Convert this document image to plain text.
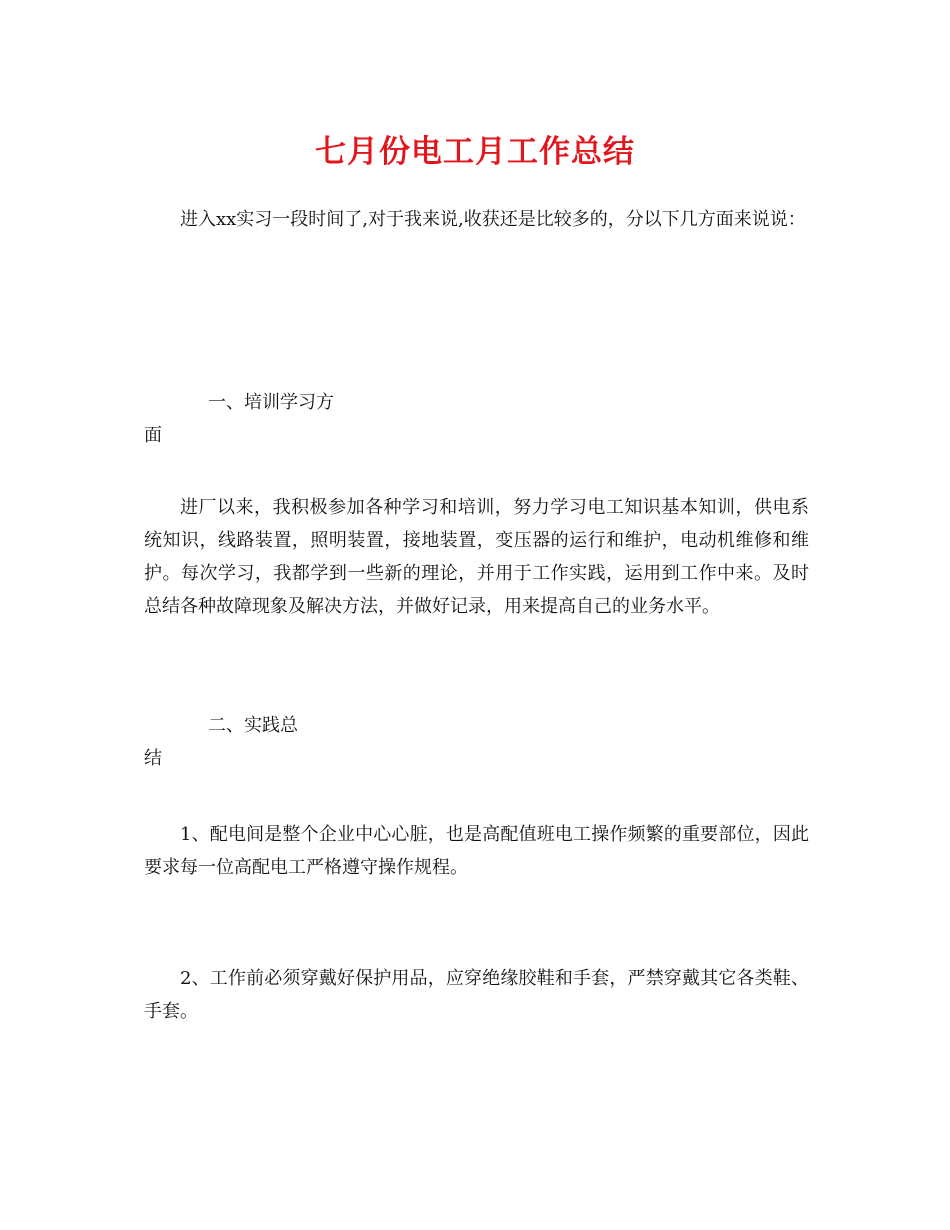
七月份电工月工作总结

进入xx实习一段时间了,对于我来说,收获还是比较多的，分以下几方面来说说：

一、培训学习方
面

进厂以来，我积极参加各种学习和培训，努力学习电工知识基本知训，供电系统知识，线路装置，照明装置，接地装置，变压器的运行和维护，电动机维修和维护。每次学习，我都学到一些新的理论，并用于工作实践，运用到工作中来。及时总结各种故障现象及解决方法，并做好记录，用来提高自己的业务水平。

二、实践总
结

1、配电间是整个企业中心心脏，也是高配值班电工操作频繁的重要部位，因此要求每一位高配电工严格遵守操作规程。

2、工作前必须穿戴好保护用品，应穿绝缘胶鞋和手套，严禁穿戴其它各类鞋、手套。
